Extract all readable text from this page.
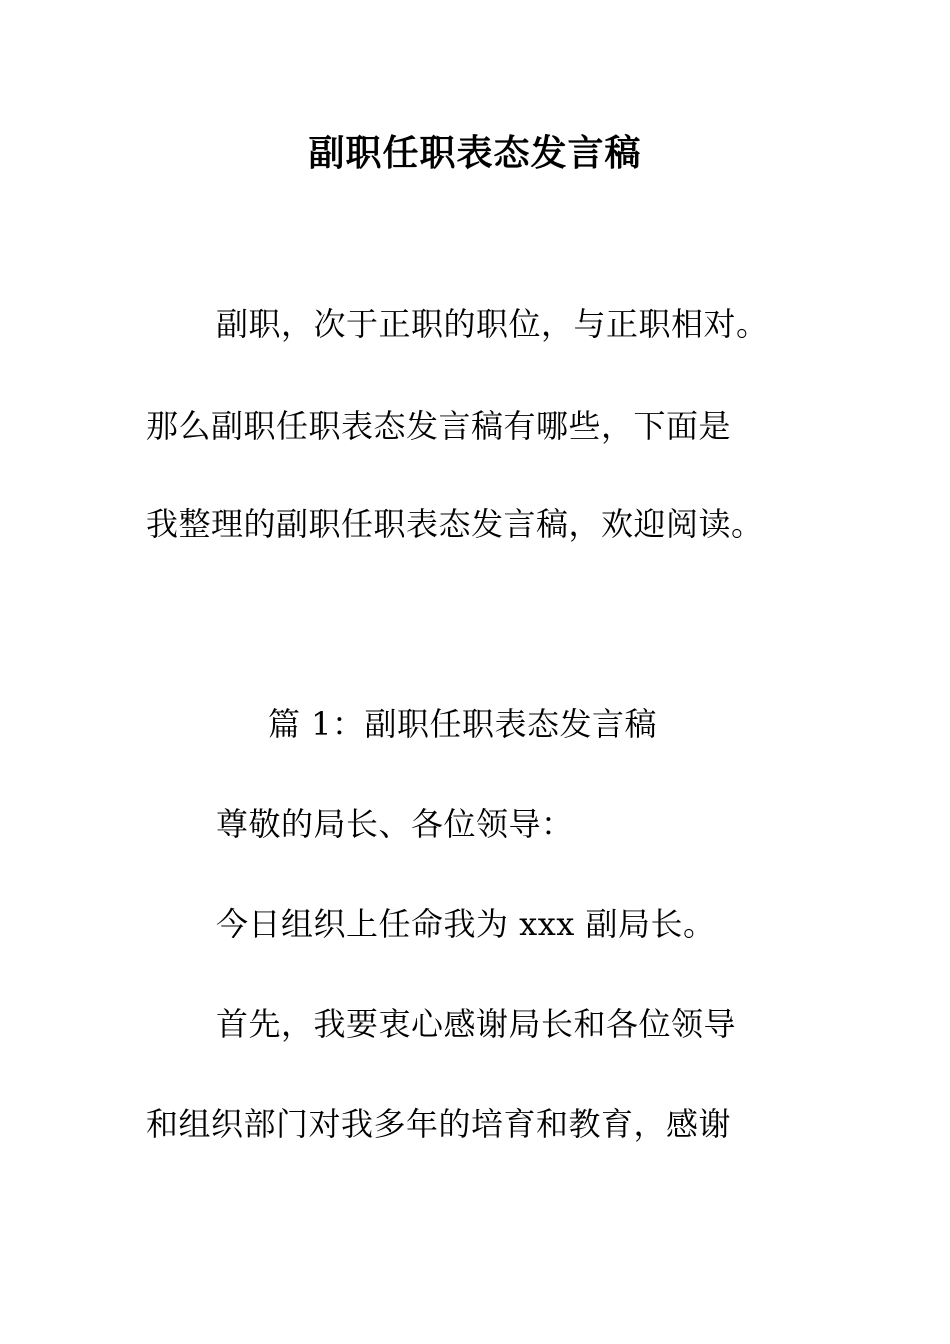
副职任职表态发言稿
副职，次于正职的职位，与正职相对。
那么副职任职表态发言稿有哪些，下面是
我整理的副职任职表态发言稿，欢迎阅读。
篇 1：副职任职表态发言稿
尊敬的局长、各位领导：
今日组织上任命我为 xxx 副局长。
首先，我要衷心感谢局长和各位领导
和组织部门对我多年的培育和教育，感谢
